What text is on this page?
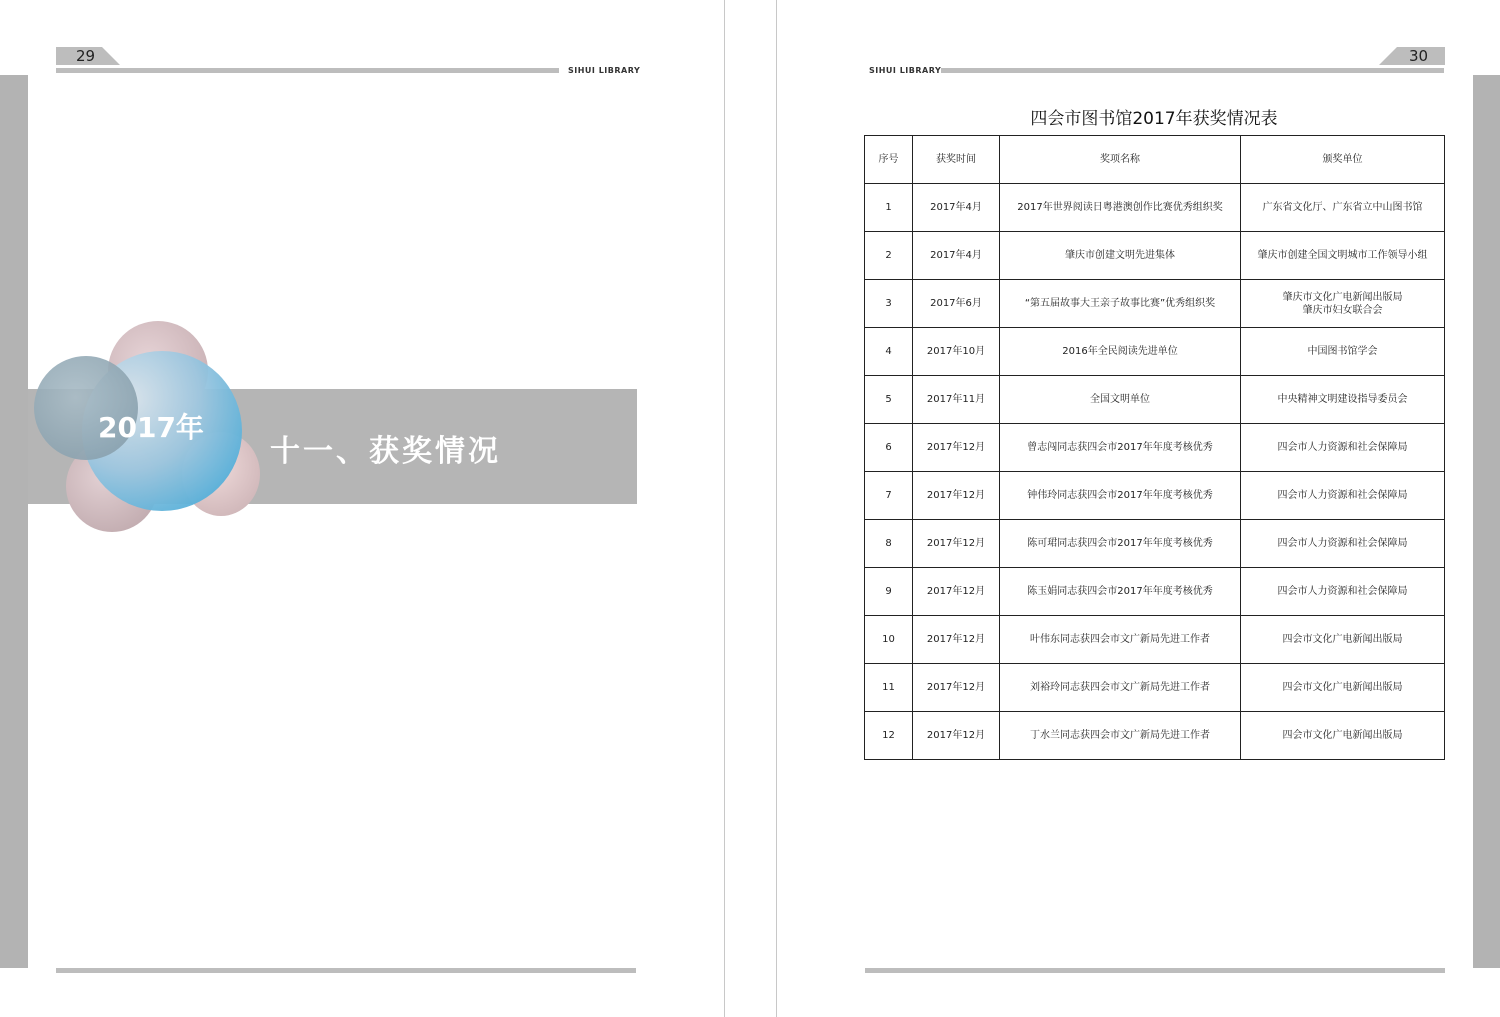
29
SIHUI LIBRARY
2017年
十一、获奖情况
30
SIHUI LIBRARY
四会市图书馆2017年获奖情况表
序号	获奖时间	奖项名称	颁奖单位
1	2017年4月	2017年世界阅读日粤港澳创作比赛优秀组织奖	广东省文化厅、广东省立中山图书馆
2	2017年4月	肇庆市创建文明先进集体	肇庆市创建全国文明城市工作领导小组
3	2017年6月	“第五届故事大王亲子故事比赛”优秀组织奖	肇庆市文化广电新闻出版局
肇庆市妇女联合会
4	2017年10月	2016年全民阅读先进单位	中国图书馆学会
5	2017年11月	全国文明单位	中央精神文明建设指导委员会
6	2017年12月	曾志闯同志获四会市2017年年度考核优秀	四会市人力资源和社会保障局
7	2017年12月	钟伟玲同志获四会市2017年年度考核优秀	四会市人力资源和社会保障局
8	2017年12月	陈可珺同志获四会市2017年年度考核优秀	四会市人力资源和社会保障局
9	2017年12月	陈玉娟同志获四会市2017年年度考核优秀	四会市人力资源和社会保障局
10	2017年12月	叶伟东同志获四会市文广新局先进工作者	四会市文化广电新闻出版局
11	2017年12月	刘裕玲同志获四会市文广新局先进工作者	四会市文化广电新闻出版局
12	2017年12月	丁水兰同志获四会市文广新局先进工作者	四会市文化广电新闻出版局
